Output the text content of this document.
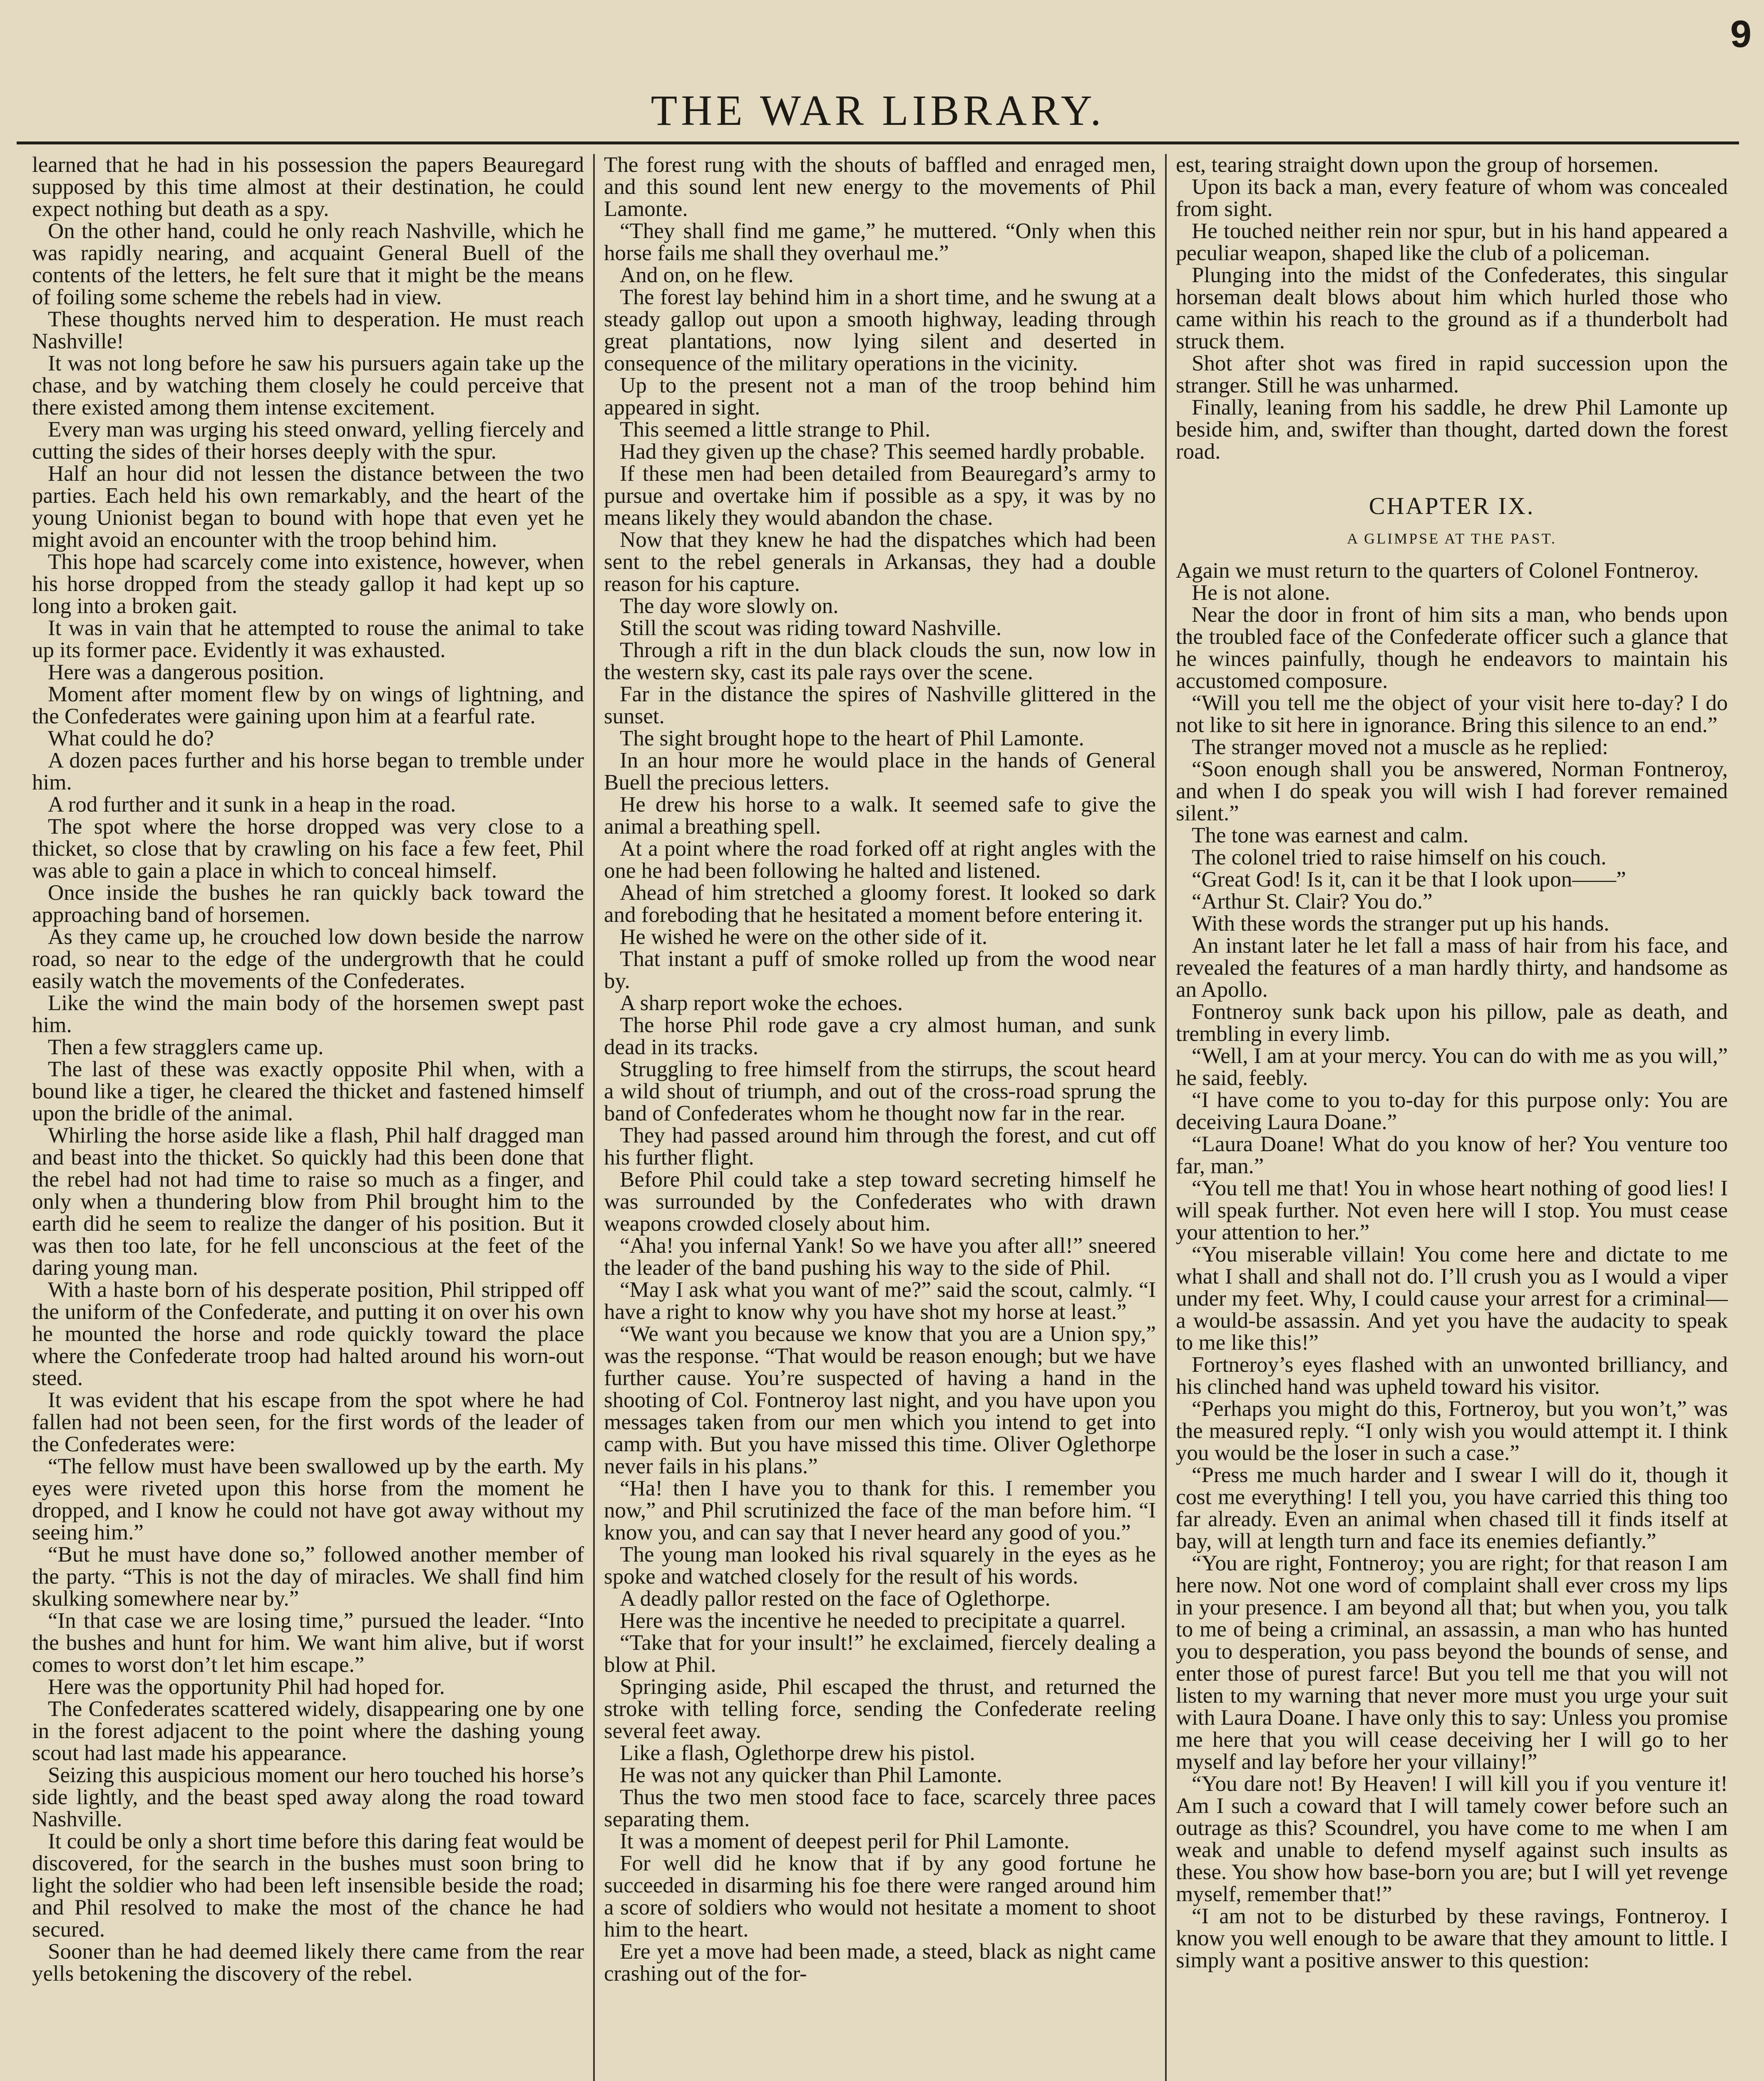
THE WAR LIBRARY.
9

learned that he had in his possession the papers Beauregard supposed by this time almost at their destination, he could expect nothing but death as a spy.

On the other hand, could he only reach Nashville, which he was rapidly nearing, and acquaint General Buell of the contents of the letters, he felt sure that it might be the means of foiling some scheme the rebels had in view.

These thoughts nerved him to desperation. He must reach Nashville!

It was not long before he saw his pursuers again take up the chase, and by watching them closely he could perceive that there existed among them intense excitement.

Every man was urging his steed onward, yelling fiercely and cutting the sides of their horses deeply with the spur.

Half an hour did not lessen the distance between the two parties. Each held his own remarkably, and the heart of the young Unionist began to bound with hope that even yet he might avoid an encounter with the troop behind him.

This hope had scarcely come into existence, however, when his horse dropped from the steady gallop it had kept up so long into a broken gait.

It was in vain that he attempted to rouse the animal to take up its former pace. Evidently it was exhausted.

Here was a dangerous position.

Moment after moment flew by on wings of lightning, and the Confederates were gaining upon him at a fearful rate.

What could he do?

A dozen paces further and his horse began to tremble under him.

A rod further and it sunk in a heap in the road.

The spot where the horse dropped was very close to a thicket, so close that by crawling on his face a few feet, Phil was able to gain a place in which to conceal himself.

Once inside the bushes he ran quickly back toward the approaching band of horsemen.

As they came up, he crouched low down beside the narrow road, so near to the edge of the undergrowth that he could easily watch the movements of the Confederates.

Like the wind the main body of the horsemen swept past him.

Then a few stragglers came up.

The last of these was exactly opposite Phil when, with a bound like a tiger, he cleared the thicket and fastened himself upon the bridle of the animal.

Whirling the horse aside like a flash, Phil half dragged man and beast into the thicket. So quickly had this been done that the rebel had not had time to raise so much as a finger, and only when a thundering blow from Phil brought him to the earth did he seem to realize the danger of his position. But it was then too late, for he fell unconscious at the feet of the daring young man.

With a haste born of his desperate position, Phil stripped off the uniform of the Confederate, and putting it on over his own he mounted the horse and rode quickly toward the place where the Confederate troop had halted around his worn-out steed.

It was evident that his escape from the spot where he had fallen had not been seen, for the first words of the leader of the Confederates were:

“The fellow must have been swallowed up by the earth. My eyes were riveted upon this horse from the moment he dropped, and I know he could not have got away without my seeing him.”

“But he must have done so,” followed another member of the party. “This is not the day of miracles. We shall find him skulking somewhere near by.”

“In that case we are losing time,” pursued the leader. “Into the bushes and hunt for him. We want him alive, but if worst comes to worst don’t let him escape.”

Here was the opportunity Phil had hoped for.

The Confederates scattered widely, disappearing one by one in the forest adjacent to the point where the dashing young scout had last made his appearance.

Seizing this auspicious moment our hero touched his horse’s side lightly, and the beast sped away along the road toward Nashville.

It could be only a short time before this daring feat would be discovered, for the search in the bushes must soon bring to light the soldier who had been left insensible beside the road; and Phil resolved to make the most of the chance he had secured.

Sooner than he had deemed likely there came from the rear yells betokening the discovery of the rebel.

The forest rung with the shouts of baffled and enraged men, and this sound lent new energy to the movements of Phil Lamonte.

“They shall find me game,” he muttered. “Only when this horse fails me shall they overhaul me.”

And on, on he flew.

The forest lay behind him in a short time, and he swung at a steady gallop out upon a smooth highway, leading through great plantations, now lying silent and deserted in consequence of the military operations in the vicinity.

Up to the present not a man of the troop behind him appeared in sight.

This seemed a little strange to Phil.

Had they given up the chase? This seemed hardly probable.

If these men had been detailed from Beauregard’s army to pursue and overtake him if possible as a spy, it was by no means likely they would abandon the chase.

Now that they knew he had the dispatches which had been sent to the rebel generals in Arkansas, they had a double reason for his capture.

The day wore slowly on.

Still the scout was riding toward Nashville.

Through a rift in the dun black clouds the sun, now low in the western sky, cast its pale rays over the scene.

Far in the distance the spires of Nashville glittered in the sunset.

The sight brought hope to the heart of Phil Lamonte.

In an hour more he would place in the hands of General Buell the precious letters.

He drew his horse to a walk. It seemed safe to give the animal a breathing spell.

At a point where the road forked off at right angles with the one he had been following he halted and listened.

Ahead of him stretched a gloomy forest. It looked so dark and foreboding that he hesitated a moment before entering it.

He wished he were on the other side of it.

That instant a puff of smoke rolled up from the wood near by.

A sharp report woke the echoes.

The horse Phil rode gave a cry almost human, and sunk dead in its tracks.

Struggling to free himself from the stirrups, the scout heard a wild shout of triumph, and out of the cross-road sprung the band of Confederates whom he thought now far in the rear.

They had passed around him through the forest, and cut off his further flight.

Before Phil could take a step toward secreting himself he was surrounded by the Confederates who with drawn weapons crowded closely about him.

“Aha! you infernal Yank! So we have you after all!” sneered the leader of the band pushing his way to the side of Phil.

“May I ask what you want of me?” said the scout, calmly. “I have a right to know why you have shot my horse at least.”

“We want you because we know that you are a Union spy,” was the response. “That would be reason enough; but we have further cause. You’re suspected of having a hand in the shooting of Col. Fontneroy last night, and you have upon you messages taken from our men which you intend to get into camp with. But you have missed this time. Oliver Oglethorpe never fails in his plans.”

“Ha! then I have you to thank for this. I remember you now,” and Phil scrutinized the face of the man before him. “I know you, and can say that I never heard any good of you.”

The young man looked his rival squarely in the eyes as he spoke and watched closely for the result of his words.

A deadly pallor rested on the face of Oglethorpe.

Here was the incentive he needed to precipitate a quarrel.

“Take that for your insult!” he exclaimed, fiercely dealing a blow at Phil.

Springing aside, Phil escaped the thrust, and returned the stroke with telling force, sending the Confederate reeling several feet away.

Like a flash, Oglethorpe drew his pistol.

He was not any quicker than Phil Lamonte.

Thus the two men stood face to face, scarcely three paces separating them.

It was a moment of deepest peril for Phil Lamonte.

For well did he know that if by any good fortune he succeeded in disarming his foe there were ranged around him a score of soldiers who would not hesitate a moment to shoot him to the heart.

Ere yet a move had been made, a steed, black as night came crashing out of the for-

est, tearing straight down upon the group of horsemen.

Upon its back a man, every feature of whom was concealed from sight.

He touched neither rein nor spur, but in his hand appeared a peculiar weapon, shaped like the club of a policeman.

Plunging into the midst of the Confederates, this singular horseman dealt blows about him which hurled those who came within his reach to the ground as if a thunderbolt had struck them.

Shot after shot was fired in rapid succession upon the stranger. Still he was unharmed.

Finally, leaning from his saddle, he drew Phil Lamonte up beside him, and, swifter than thought, darted down the forest road.

CHAPTER IX.
A GLIMPSE AT THE PAST.

Again we must return to the quarters of Colonel Fontneroy.

He is not alone.

Near the door in front of him sits a man, who bends upon the troubled face of the Confederate officer such a glance that he winces painfully, though he endeavors to maintain his accustomed composure.

“Will you tell me the object of your visit here to-day? I do not like to sit here in ignorance. Bring this silence to an end.”

The stranger moved not a muscle as he replied:

“Soon enough shall you be answered, Norman Fontneroy, and when I do speak you will wish I had forever remained silent.”

The tone was earnest and calm.

The colonel tried to raise himself on his couch.

“Great God! Is it, can it be that I look upon——”

“Arthur St. Clair? You do.”

With these words the stranger put up his hands.

An instant later he let fall a mass of hair from his face, and revealed the features of a man hardly thirty, and handsome as an Apollo.

Fontneroy sunk back upon his pillow, pale as death, and trembling in every limb.

“Well, I am at your mercy. You can do with me as you will,” he said, feebly.

“I have come to you to-day for this purpose only: You are deceiving Laura Doane.”

“Laura Doane! What do you know of her? You venture too far, man.”

“You tell me that! You in whose heart nothing of good lies! I will speak further. Not even here will I stop. You must cease your attention to her.”

“You miserable villain! You come here and dictate to me what I shall and shall not do. I’ll crush you as I would a viper under my feet. Why, I could cause your arrest for a criminal—a would-be assassin. And yet you have the audacity to speak to me like this!”

Fortneroy’s eyes flashed with an unwonted brilliancy, and his clinched hand was upheld toward his visitor.

“Perhaps you might do this, Fortneroy, but you won’t,” was the measured reply. “I only wish you would attempt it. I think you would be the loser in such a case.”

“Press me much harder and I swear I will do it, though it cost me everything! I tell you, you have carried this thing too far already. Even an animal when chased till it finds itself at bay, will at length turn and face its enemies defiantly.”

“You are right, Fontneroy; you are right; for that reason I am here now. Not one word of complaint shall ever cross my lips in your presence. I am beyond all that; but when you, you talk to me of being a criminal, an assassin, a man who has hunted you to desperation, you pass beyond the bounds of sense, and enter those of purest farce! But you tell me that you will not listen to my warning that never more must you urge your suit with Laura Doane. I have only this to say: Unless you promise me here that you will cease deceiving her I will go to her myself and lay before her your villainy!”

“You dare not! By Heaven! I will kill you if you venture it! Am I such a coward that I will tamely cower before such an outrage as this? Scoundrel, you have come to me when I am weak and unable to defend myself against such insults as these. You show how base-born you are; but I will yet revenge myself, remember that!”

“I am not to be disturbed by these ravings, Fontneroy. I know you well enough to be aware that they amount to little. I simply want a positive answer to this question:
